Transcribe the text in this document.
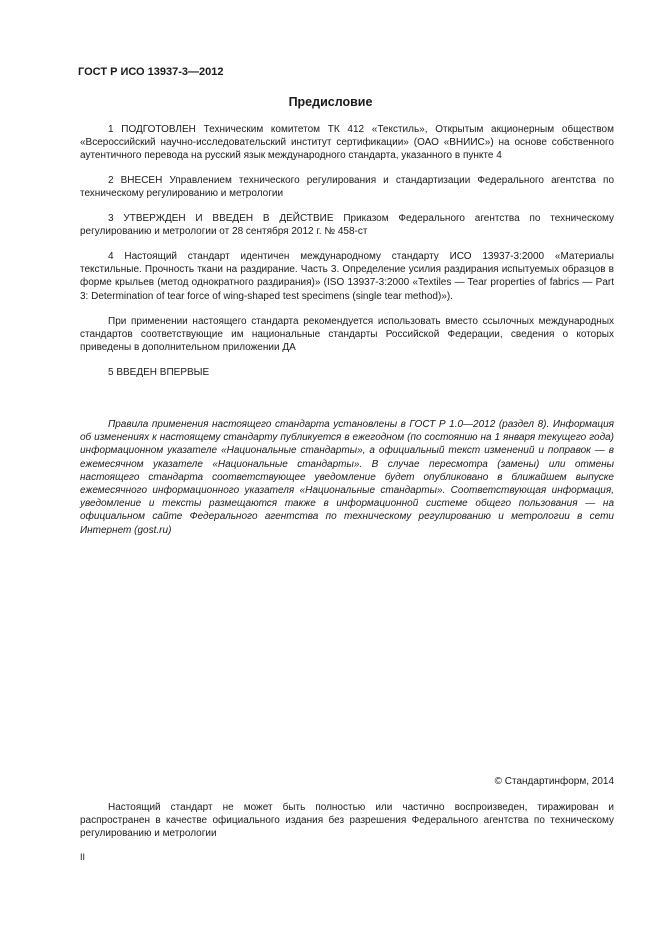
ГОСТ Р ИСО 13937-3—2012
Предисловие
1 ПОДГОТОВЛЕН Техническим комитетом ТК 412 «Текстиль», Открытым акционерным обществом «Всероссийский научно-исследовательский институт сертификации» (ОАО «ВНИИС») на основе собственного аутентичного перевода на русский язык международного стандарта, указанного в пункте 4
2 ВНЕСЕН Управлением технического регулирования и стандартизации Федерального агентства по техническому регулированию и метрологии
3 УТВЕРЖДЕН И ВВЕДЕН В ДЕЙСТВИЕ Приказом Федерального агентства по техническому регулированию и метрологии от 28 сентября 2012 г. № 458-ст
4 Настоящий стандарт идентичен международному стандарту ИСО 13937-3:2000 «Материалы текстильные. Прочность ткани на раздирание. Часть 3. Определение усилия раздирания испытуемых образцов в форме крыльев (метод однократного раздирания)» (ISO 13937-3:2000 «Textiles — Tear properties of fabrics — Part 3: Determination of tear force of wing-shaped test specimens (single tear method)»).
При применении настоящего стандарта рекомендуется использовать вместо ссылочных международных стандартов соответствующие им национальные стандарты Российской Федерации, сведения о которых приведены в дополнительном приложении ДА
5 ВВЕДЕН ВПЕРВЫЕ
Правила применения настоящего стандарта установлены в ГОСТ Р 1.0—2012 (раздел 8). Информация об изменениях к настоящему стандарту публикуется в ежегодном (по состоянию на 1 января текущего года) информационном указателе «Национальные стандарты», а официальный текст изменений и поправок — в ежемесячном указателе «Национальные стандарты». В случае пересмотра (замены) или отмены настоящего стандарта соответствующее уведомление будет опубликовано в ближайшем выпуске ежемесячного информационного указателя «Национальные стандарты». Соответствующая информация, уведомление и тексты размещаются также в информационной системе общего пользования — на официальном сайте Федерального агентства по техническому регулированию и метрологии в сети Интернет (gost.ru)
© Стандартинформ, 2014
Настоящий стандарт не может быть полностью или частично воспроизведен, тиражирован и распространен в качестве официального издания без разрешения Федерального агентства по техническому регулированию и метрологии
II
